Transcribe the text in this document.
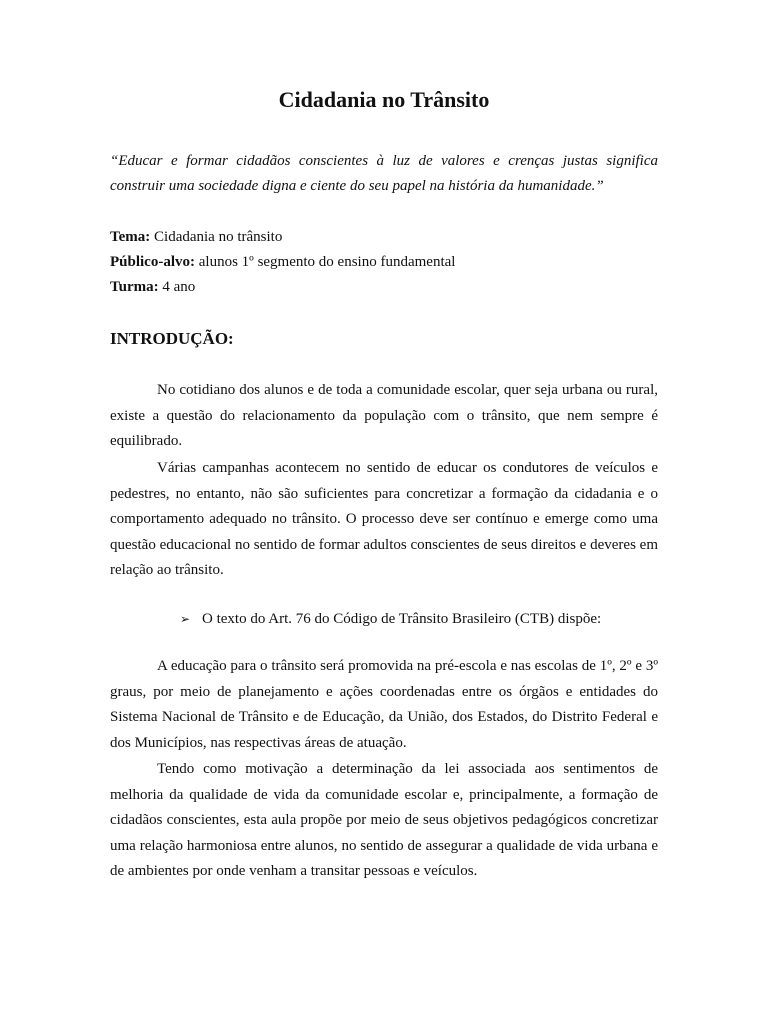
Cidadania no Trânsito

“Educar e formar cidadãos conscientes à luz de valores e crenças justas significa construir uma sociedade digna e ciente do seu papel na história da humanidade.”

Tema: Cidadania no trânsito

Público-alvo: alunos 1º segmento do ensino fundamental

Turma: 4 ano

INTRODUÇÃO:

No cotidiano dos alunos e de toda a comunidade escolar, quer seja urbana ou rural, existe a questão do relacionamento da população com o trânsito, que nem sempre é equilibrado.

Várias campanhas acontecem no sentido de educar os condutores de veículos e pedestres, no entanto, não são suficientes para concretizar a formação da cidadania e o comportamento adequado no trânsito. O processo deve ser contínuo e emerge como uma questão educacional no sentido de formar adultos conscientes de seus direitos e deveres em relação ao trânsito.

➢ O texto do Art. 76 do Código de Trânsito Brasileiro (CTB) dispõe:

A educação para o trânsito será promovida na pré-escola e nas escolas de 1º, 2º e 3º graus, por meio de planejamento e ações coordenadas entre os órgãos e entidades do Sistema Nacional de Trânsito e de Educação, da União, dos Estados, do Distrito Federal e dos Municípios, nas respectivas áreas de atuação.

Tendo como motivação a determinação da lei associada aos sentimentos de melhoria da qualidade de vida da comunidade escolar e, principalmente, a formação de cidadãos conscientes, esta aula propõe por meio de seus objetivos pedagógicos concretizar uma relação harmoniosa entre alunos, no sentido de assegurar a qualidade de vida urbana e de ambientes por onde venham a transitar pessoas e veículos.
